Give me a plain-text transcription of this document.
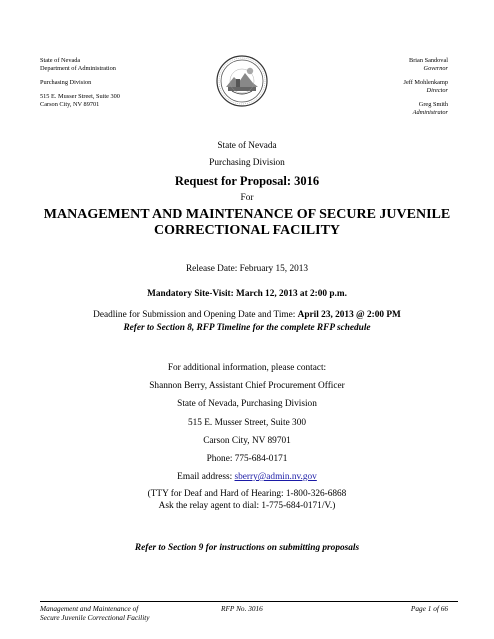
State of Nevada
Department of Administration
Purchasing Division
515 E. Musser Street, Suite 300
Carson City, NV 89701
Brian Sandoval
Governor
Jeff Mohlenkamp
Director
Greg Smith
Administrator
State of Nevada
Purchasing Division
Request for Proposal: 3016
For
MANAGEMENT AND MAINTENANCE OF SECURE JUVENILE
CORRECTIONAL FACILITY
Release Date: February 15, 2013
Mandatory Site-Visit: March 12, 2013 at 2:00 p.m.
Deadline for Submission and Opening Date and Time: April 23, 2013 @ 2:00 PM
Refer to Section 8, RFP Timeline for the complete RFP schedule
For additional information, please contact:
Shannon Berry, Assistant Chief Procurement Officer
State of Nevada, Purchasing Division
515 E. Musser Street, Suite 300
Carson City, NV 89701
Phone: 775-684-0171
Email address: sberry@admin.nv.gov
(TTY for Deaf and Hard of Hearing: 1-800-326-6868
Ask the relay agent to dial: 1-775-684-0171/V.)
Refer to Section 9 for instructions on submitting proposals
Management and Maintenance of
Secure Juvenile Correctional Facility
RFP No. 3016	Page 1 of 66
